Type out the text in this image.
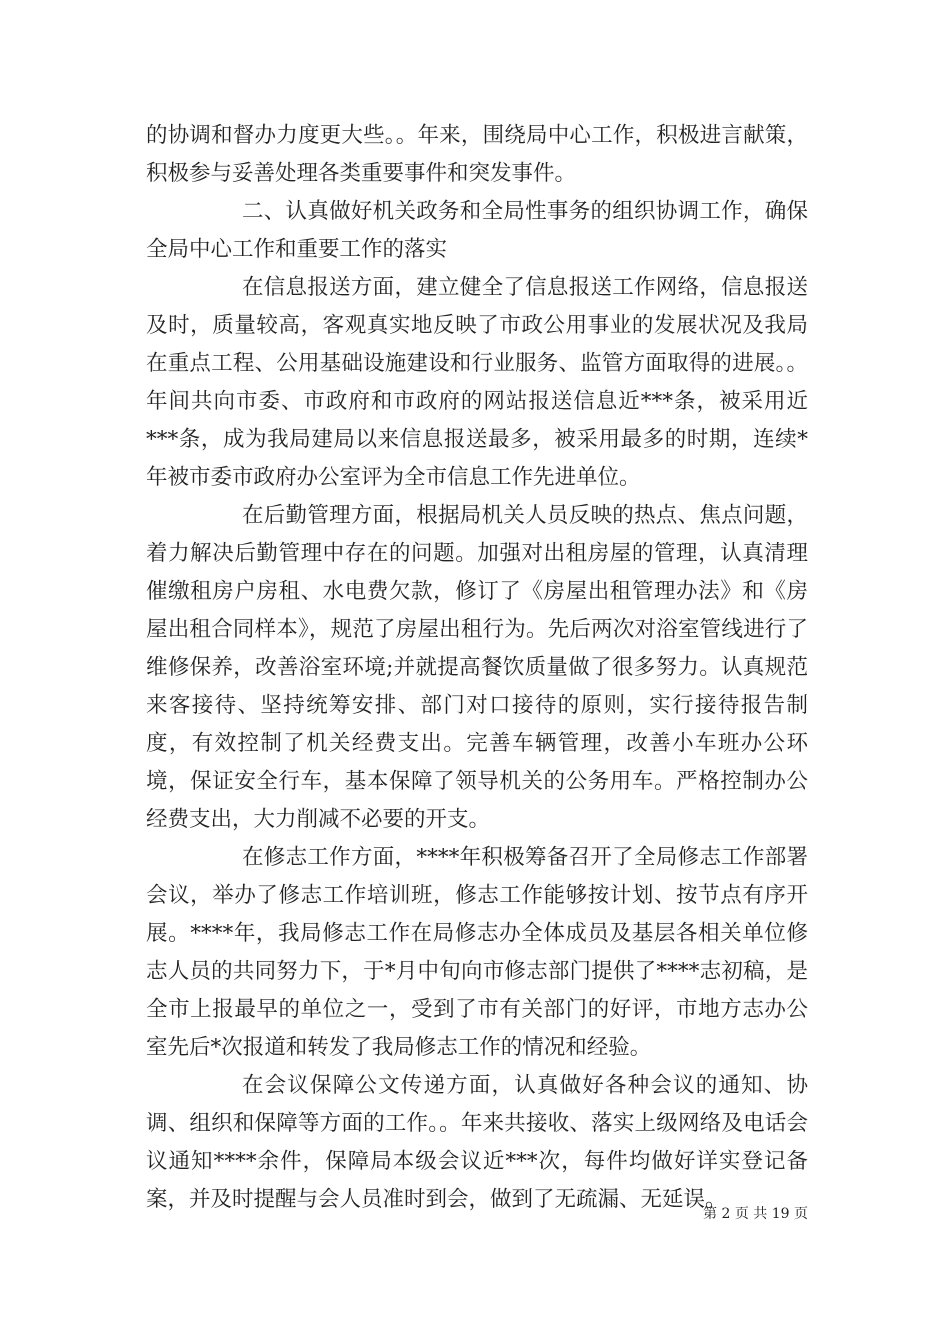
的协调和督办力度更大些。。年来，围绕局中心工作，积极进言献策，积极参与妥善处理各类重要事件和突发事件。

二、认真做好机关政务和全局性事务的组织协调工作，确保全局中心工作和重要工作的落实

在信息报送方面，建立健全了信息报送工作网络，信息报送及时，质量较高，客观真实地反映了市政公用事业的发展状况及我局在重点工程、公用基础设施建设和行业服务、监管方面取得的进展。。年间共向市委、市政府和市政府的网站报送信息近***条，被采用近***条，成为我局建局以来信息报送最多，被采用最多的时期，连续*年被市委市政府办公室评为全市信息工作先进单位。

在后勤管理方面，根据局机关人员反映的热点、焦点问题，着力解决后勤管理中存在的问题。加强对出租房屋的管理，认真清理催缴租房户房租、水电费欠款，修订了《房屋出租管理办法》和《房屋出租合同样本》，规范了房屋出租行为。先后两次对浴室管线进行了维修保养，改善浴室环境;并就提高餐饮质量做了很多努力。认真规范来客接待、坚持统筹安排、部门对口接待的原则，实行接待报告制度，有效控制了机关经费支出。完善车辆管理，改善小车班办公环境，保证安全行车，基本保障了领导机关的公务用车。严格控制办公经费支出，大力削减不必要的开支。

在修志工作方面，****年积极筹备召开了全局修志工作部署会议，举办了修志工作培训班，修志工作能够按计划、按节点有序开展。****年，我局修志工作在局修志办全体成员及基层各相关单位修志人员的共同努力下，于*月中旬向市修志部门提供了****志初稿，是全市上报最早的单位之一，受到了市有关部门的好评，市地方志办公室先后*次报道和转发了我局修志工作的情况和经验。

在会议保障公文传递方面，认真做好各种会议的通知、协调、组织和保障等方面的工作。。年来共接收、落实上级网络及电话会议通知****余件，保障局本级会议近***次，每件均做好详实登记备案，并及时提醒与会人员准时到会，做到了无疏漏、无延误。

第 2 页 共 19 页
